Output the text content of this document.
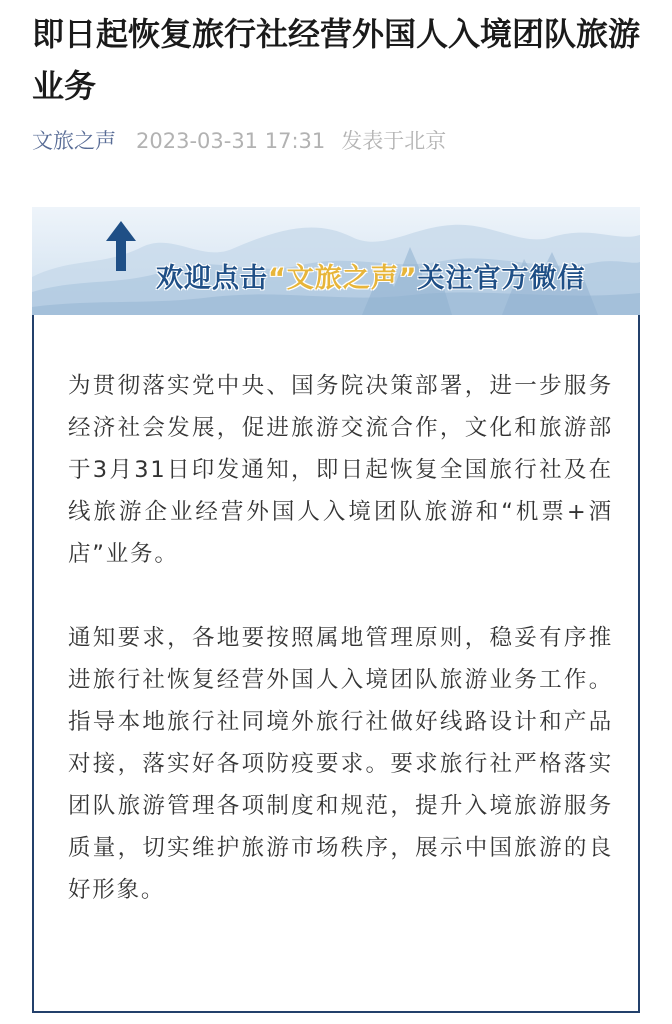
即日起恢复旅行社经营外国人入境团队旅游业务
文旅之声 2023-03-31 17:31 发表于北京
欢迎点击“文旅之声”关注官方微信

为贯彻落实党中央、国务院决策部署，进一步服务经济社会发展，促进旅游交流合作，文化和旅游部于3月31日印发通知，即日起恢复全国旅行社及在线旅游企业经营外国人入境团队旅游和“机票+酒店”业务。

通知要求，各地要按照属地管理原则，稳妥有序推进旅行社恢复经营外国人入境团队旅游业务工作。指导本地旅行社同境外旅行社做好线路设计和产品对接，落实好各项防疫要求。要求旅行社严格落实团队旅游管理各项制度和规范，提升入境旅游服务质量，切实维护旅游市场秩序，展示中国旅游的良好形象。
